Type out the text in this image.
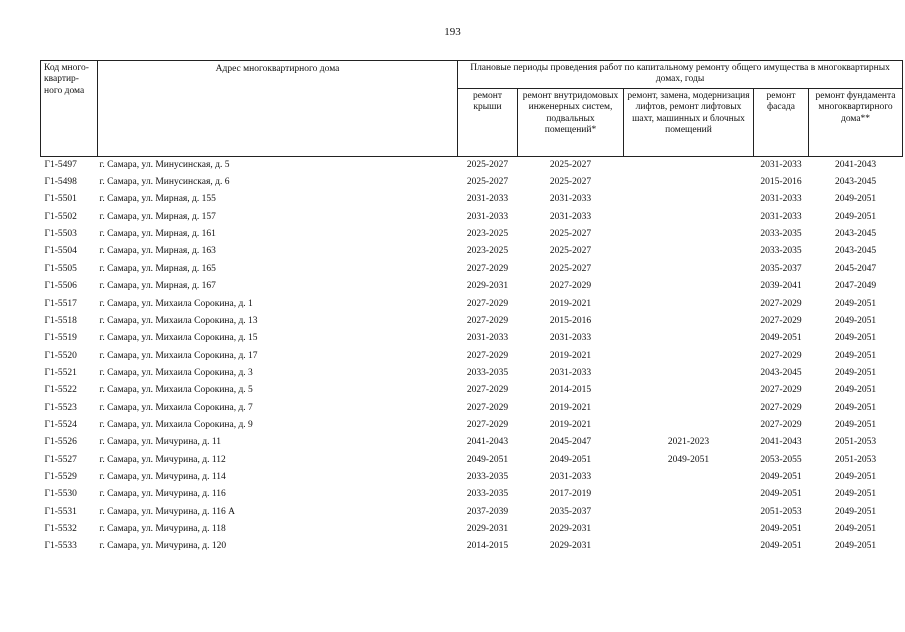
193
Код много-квартир-ного дома	Адрес многоквартирного дома	Плановые периоды проведения работ по капитальному ремонту общего имущества в многоквартирных домах, годы				
		ремонт крыши	ремонт внутридомовых инженерных систем, подвальных помещений*	ремонт, замена, модернизация лифтов, ремонт лифтовых шахт, машинных и блочных помещений	ремонт фасада	ремонт фундамента многоквартирного дома**
Г1-5497	г. Самара, ул. Минусинская, д. 5	2025-2027	2025-2027		2031-2033	2041-2043
Г1-5498	г. Самара, ул. Минусинская, д. 6	2025-2027	2025-2027		2015-2016	2043-2045
Г1-5501	г. Самара, ул. Мирная, д. 155	2031-2033	2031-2033		2031-2033	2049-2051
Г1-5502	г. Самара, ул. Мирная, д. 157	2031-2033	2031-2033		2031-2033	2049-2051
Г1-5503	г. Самара, ул. Мирная, д. 161	2023-2025	2025-2027		2033-2035	2043-2045
Г1-5504	г. Самара, ул. Мирная, д. 163	2023-2025	2025-2027		2033-2035	2043-2045
Г1-5505	г. Самара, ул. Мирная, д. 165	2027-2029	2025-2027		2035-2037	2045-2047
Г1-5506	г. Самара, ул. Мирная, д. 167	2029-2031	2027-2029		2039-2041	2047-2049
Г1-5517	г. Самара, ул. Михаила Сорокина, д. 1	2027-2029	2019-2021		2027-2029	2049-2051
Г1-5518	г. Самара, ул. Михаила Сорокина, д. 13	2027-2029	2015-2016		2027-2029	2049-2051
Г1-5519	г. Самара, ул. Михаила Сорокина, д. 15	2031-2033	2031-2033		2049-2051	2049-2051
Г1-5520	г. Самара, ул. Михаила Сорокина, д. 17	2027-2029	2019-2021		2027-2029	2049-2051
Г1-5521	г. Самара, ул. Михаила Сорокина, д. 3	2033-2035	2031-2033		2043-2045	2049-2051
Г1-5522	г. Самара, ул. Михаила Сорокина, д. 5	2027-2029	2014-2015		2027-2029	2049-2051
Г1-5523	г. Самара, ул. Михаила Сорокина, д. 7	2027-2029	2019-2021		2027-2029	2049-2051
Г1-5524	г. Самара, ул. Михаила Сорокина, д. 9	2027-2029	2019-2021		2027-2029	2049-2051
Г1-5526	г. Самара, ул. Мичурина, д. 11	2041-2043	2045-2047	2021-2023	2041-2043	2051-2053
Г1-5527	г. Самара, ул. Мичурина, д. 112	2049-2051	2049-2051	2049-2051	2053-2055	2051-2053
Г1-5529	г. Самара, ул. Мичурина, д. 114	2033-2035	2031-2033		2049-2051	2049-2051
Г1-5530	г. Самара, ул. Мичурина, д. 116	2033-2035	2017-2019		2049-2051	2049-2051
Г1-5531	г. Самара, ул. Мичурина, д. 116 А	2037-2039	2035-2037		2051-2053	2049-2051
Г1-5532	г. Самара, ул. Мичурина, д. 118	2029-2031	2029-2031		2049-2051	2049-2051
Г1-5533	г. Самара, ул. Мичурина, д. 120	2014-2015	2029-2031		2049-2051	2049-2051
